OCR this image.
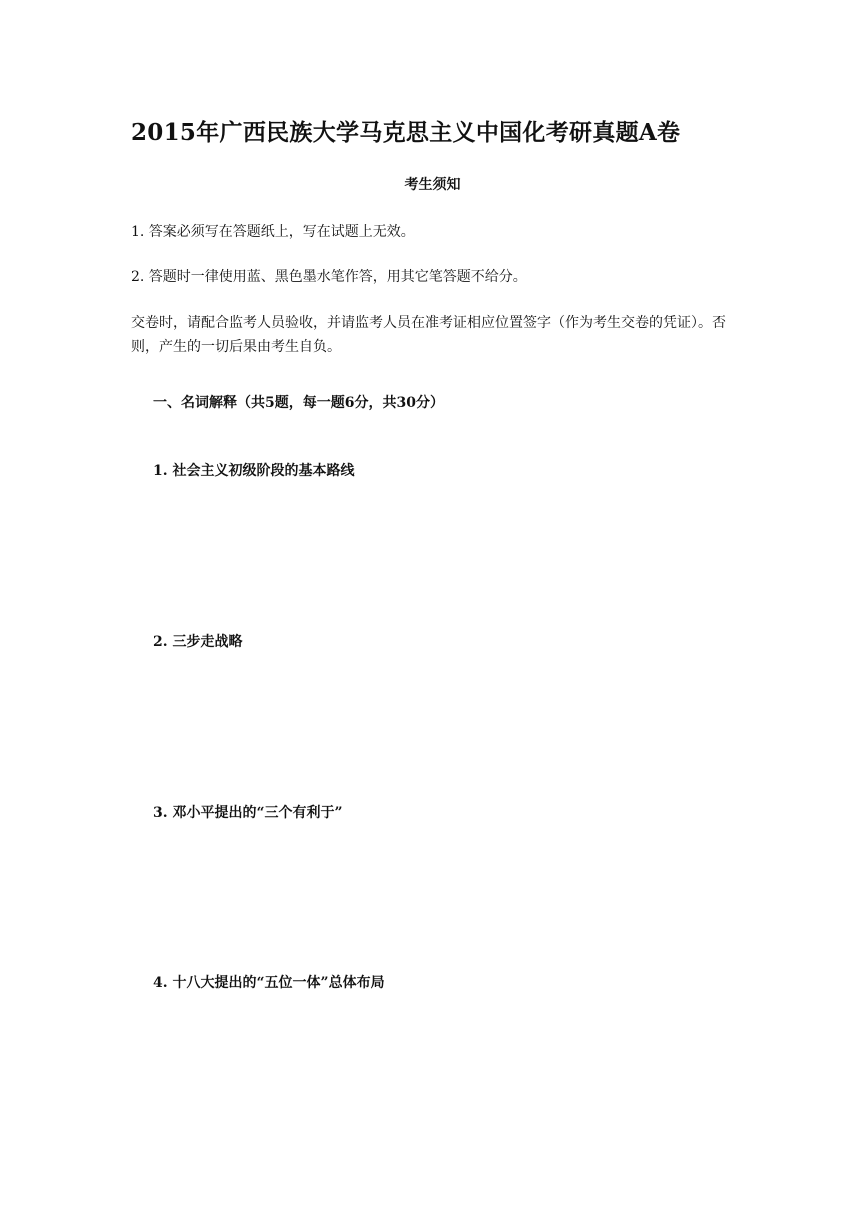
2015年广西民族大学马克思主义中国化考研真题A卷
考生须知
1. 答案必须写在答题纸上，写在试题上无效。
2. 答题时一律使用蓝、黑色墨水笔作答，用其它笔答题不给分。
交卷时，请配合监考人员验收，并请监考人员在准考证相应位置签字（作为考生交卷的凭证）。否则，产生的一切后果由考生自负。
一、名词解释（共5题，每一题6分，共30分）
1. 社会主义初级阶段的基本路线
2. 三步走战略
3. 邓小平提出的“三个有利于”
4. 十八大提出的“五位一体”总体布局
